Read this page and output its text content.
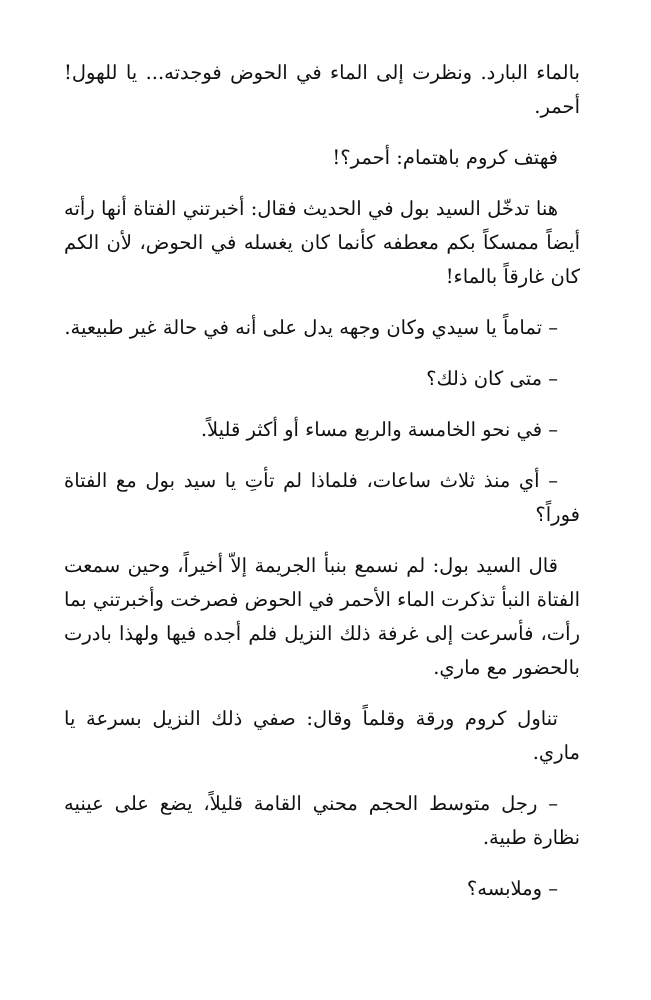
بالماء البارد. ونظرت إلى الماء في الحوض فوجدته... يا للهول! أحمر.

فهتف كروم باهتمام: أحمر؟!

هنا تدخّل السيد بول في الحديث فقال: أخبرتني الفتاة أنها رأته أيضاً ممسكاً بكم معطفه كأنما كان يغسله في الحوض، لأن الكم كان غارقاً بالماء!

– تماماً يا سيدي وكان وجهه يدل على أنه في حالة غير طبيعية.

– متى كان ذلك؟

– في نحو الخامسة والربع مساء أو أكثر قليلاً.

– أي منذ ثلاث ساعات، فلماذا لم تأتِ يا سيد بول مع الفتاة فوراً؟

قال السيد بول: لم نسمع بنبأ الجريمة إلاّ أخيراً، وحين سمعت الفتاة النبأ تذكرت الماء الأحمر في الحوض فصرخت وأخبرتني بما رأت، فأسرعت إلى غرفة ذلك النزيل فلم أجده فيها ولهذا بادرت بالحضور مع ماري.

تناول كروم ورقة وقلماً وقال: صفي ذلك النزيل بسرعة يا ماري.

– رجل متوسط الحجم محني القامة قليلاً، يضع على عينيه نظارة طبية.

– وملابسه؟
